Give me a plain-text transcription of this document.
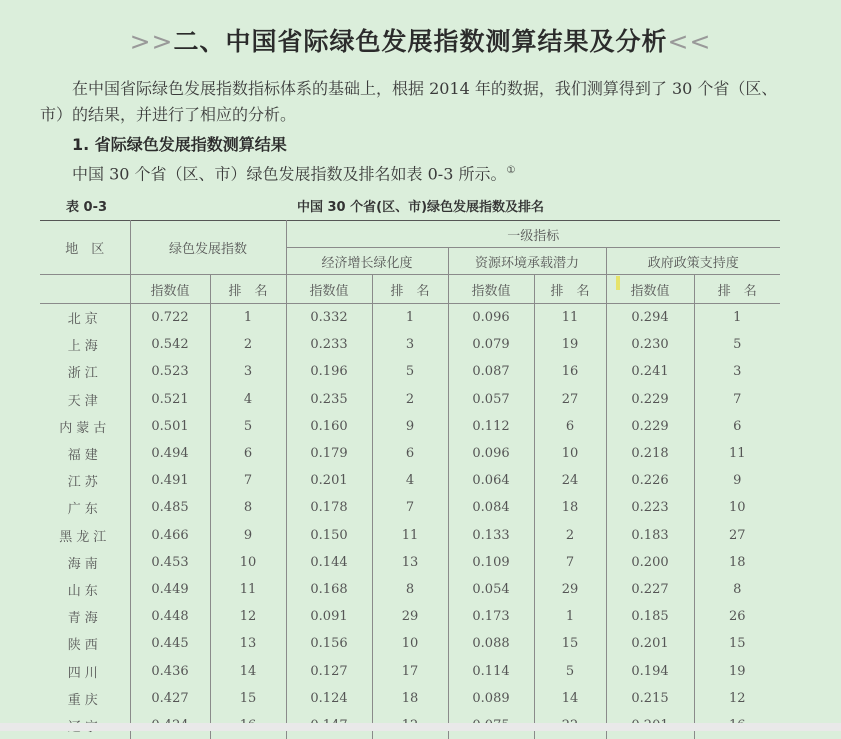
>>二、中国省际绿色发展指数测算结果及分析<<
在中国省际绿色发展指数指标体系的基础上，根据 2014 年的数据，我们测算得到了 30 个省（区、市）的结果，并进行了相应的分析。
1. 省际绿色发展指数测算结果
中国 30 个省（区、市）绿色发展指数及排名如表 0-3 所示。①
表 0-3	中国 30 个省(区、市)绿色发展指数及排名
地　区	绿色发展指数		一级指标					
			经济增长绿化度		资源环境承载潜力		政府政策支持度	
	指数值	排　名	指数值	排　名	指数值	排　名	指数值	排　名
北京	0.722	1	0.332	1	0.096	11	0.294	1
上海	0.542	2	0.233	3	0.079	19	0.230	5
浙江	0.523	3	0.196	5	0.087	16	0.241	3
天津	0.521	4	0.235	2	0.057	27	0.229	7
内蒙古	0.501	5	0.160	9	0.112	6	0.229	6
福建	0.494	6	0.179	6	0.096	10	0.218	11
江苏	0.491	7	0.201	4	0.064	24	0.226	9
广东	0.485	8	0.178	7	0.084	18	0.223	10
黑龙江	0.466	9	0.150	11	0.133	2	0.183	27
海南	0.453	10	0.144	13	0.109	7	0.200	18
山东	0.449	11	0.168	8	0.054	29	0.227	8
青海	0.448	12	0.091	29	0.173	1	0.185	26
陕西	0.445	13	0.156	10	0.088	15	0.201	15
四川	0.436	14	0.127	17	0.114	5	0.194	19
重庆	0.427	15	0.124	18	0.089	14	0.215	12
